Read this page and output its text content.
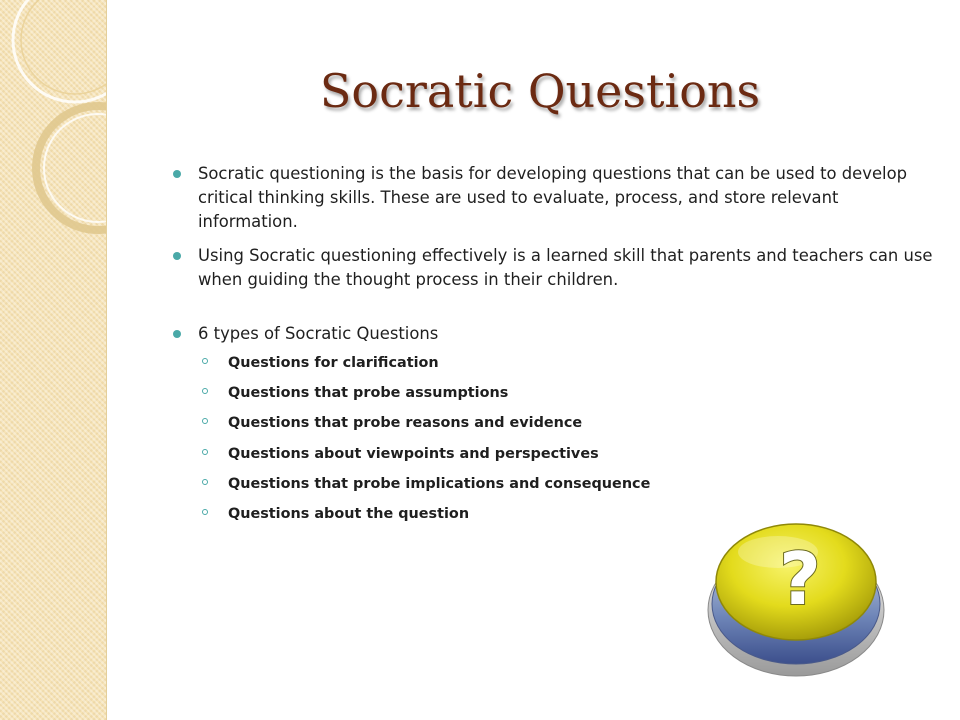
Socratic Questions
Socratic questioning is the basis for developing questions that can be used to develop critical thinking skills. These are used to evaluate, process, and store relevant information.
Using Socratic questioning effectively is a learned skill that parents and teachers can use when guiding the thought process in their children.
6 types of Socratic Questions
Questions for clarification
Questions that probe assumptions
Questions that probe reasons and evidence
Questions about viewpoints and perspectives
Questions that probe implications and consequence
Questions about the question
?
